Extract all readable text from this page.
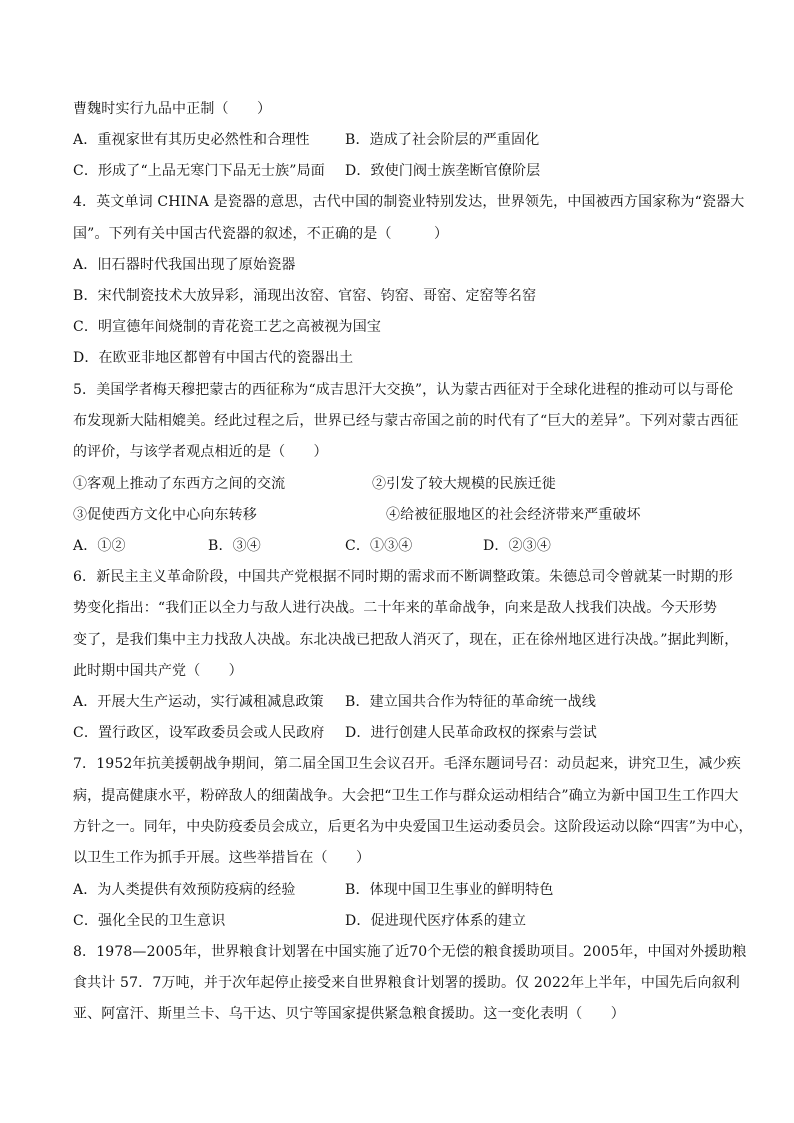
曹魏时实行九品中正制（　　）
A．重视家世有其历史必然性和合理性	B．造成了社会阶层的严重固化
C．形成了“上品无寒门下品无士族”局面 D．致使门阀士族垄断官僚阶层
4．英文单词 CHINA 是瓷器的意思，古代中国的制瓷业特别发达，世界领先，中国被西方国家称为“瓷器大
国”。下列有关中国古代瓷器的叙述，不正确的是（　　　）
A．旧石器时代我国出现了原始瓷器
B．宋代制瓷技术大放异彩，涌现出汝窑、官窑、钧窑、哥窑、定窑等名窑
C．明宣德年间烧制的青花瓷工艺之高被视为国宝
D．在欧亚非地区都曾有中国古代的瓷器出土
5．美国学者梅天穆把蒙古的西征称为“成吉思汗大交换”，认为蒙古西征对于全球化进程的推动可以与哥伦
布发现新大陆相媲美。经此过程之后，世界已经与蒙古帝国之前的时代有了“巨大的差异”。下列对蒙古西征
的评价，与该学者观点相近的是（　　）
①客观上推动了东西方之间的交流	②引发了较大规模的民族迁徙
③促使西方文化中心向东转移	④给被征服地区的社会经济带来严重破坏
A．①②	B．③④	C．①③④	D．②③④
6．新民主主义革命阶段，中国共产党根据不同时期的需求而不断调整政策。朱德总司令曾就某一时期的形
势变化指出：“我们正以全力与敌人进行决战。二十年来的革命战争，向来是敌人找我们决战。今天形势
变了，是我们集中主力找敌人决战。东北决战已把敌人消灭了，现在，正在徐州地区进行决战。”据此判断，
此时期中国共产党（　　）
A．开展大生产运动，实行减租减息政策 B．建立国共合作为特征的革命统一战线
C．置行政区，设军政委员会或人民政府 D．进行创建人民革命政权的探索与尝试
7．1952年抗美援朝战争期间，第二届全国卫生会议召开。毛泽东题词号召：动员起来，讲究卫生，减少疾
病，提高健康水平，粉碎敌人的细菌战争。大会把“卫生工作与群众运动相结合”确立为新中国卫生工作四大
方针之一。同年，中央防疫委员会成立，后更名为中央爱国卫生运动委员会。这阶段运动以除“四害”为中心，
以卫生工作为抓手开展。这些举措旨在（　　）
A．为人类提供有效预防疫病的经验	B．体现中国卫生事业的鲜明特色
C．强化全民的卫生意识	D．促进现代医疗体系的建立
8．1978—2005年，世界粮食计划署在中国实施了近70个无偿的粮食援助项目。2005年，中国对外援助粮
食共计 57．7万吨，并于次年起停止接受来自世界粮食计划署的援助。仅 2022年上半年，中国先后向叙利
亚、阿富汗、斯里兰卡、乌干达、贝宁等国家提供紧急粮食援助。这一变化表明（　　）
